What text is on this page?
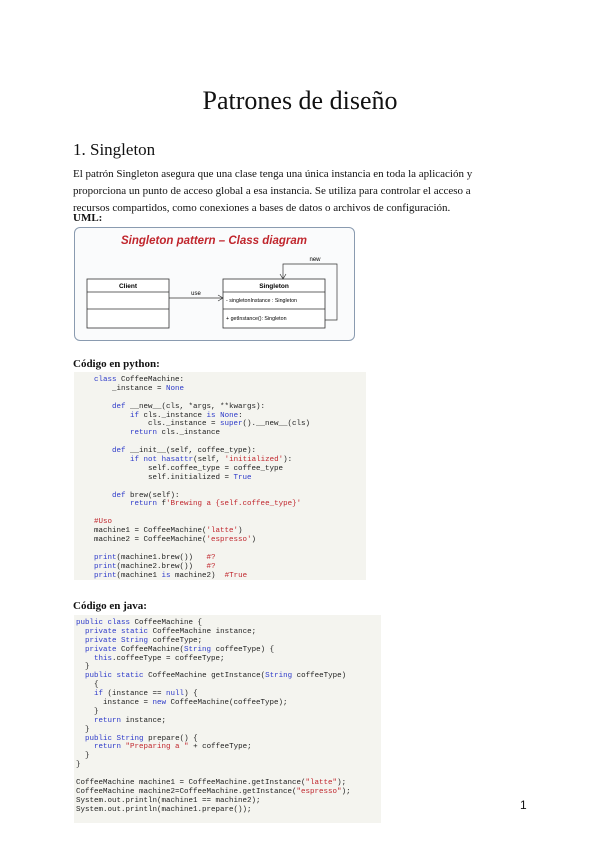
Patrones de diseño
1. Singleton

El patrón Singleton asegura que una clase tenga una única instancia en toda la aplicación y proporciona un punto de acceso global a esa instancia. Se utiliza para controlar el acceso a recursos compartidos, como conexiones a bases de datos o archivos de configuración.

UML:

Singleton pattern – Class diagram
Client
use
Singleton
- singletonInstance : Singleton
+ getInstance(): Singleton
new

Código en python:

class CoffeeMachine:
_instance = None

def __new__(cls, *args, **kwargs):
if cls._instance is None:
cls._instance = super().__new__(cls)
return cls._instance

def __init__(self, coffee_type):
if not hasattr(self, 'initialized'):
self.coffee_type = coffee_type
self.initialized = True

def brew(self):
return f'Brewing a {self.coffee_type}'

#Uso
machine1 = CoffeeMachine('latte')
machine2 = CoffeeMachine('espresso')

print(machine1.brew())   #?
print(machine2.brew())   #?
print(machine1 is machine2)  #True

Código en java:

public class CoffeeMachine {
private static CoffeeMachine instance;
private String coffeeType;
private CoffeeMachine(String coffeeType) {
this.coffeeType = coffeeType;
}
public static CoffeeMachine getInstance(String coffeeType)
{
if (instance == null) {
instance = new CoffeeMachine(coffeeType);
}
return instance;
}
public String prepare() {
return "Preparing a " + coffeeType;
}
}

CoffeeMachine machine1 = CoffeeMachine.getInstance("latte");
CoffeeMachine machine2=CoffeeMachine.getInstance("espresso");
System.out.println(machine1 == machine2);
System.out.println(machine1.prepare());	1
